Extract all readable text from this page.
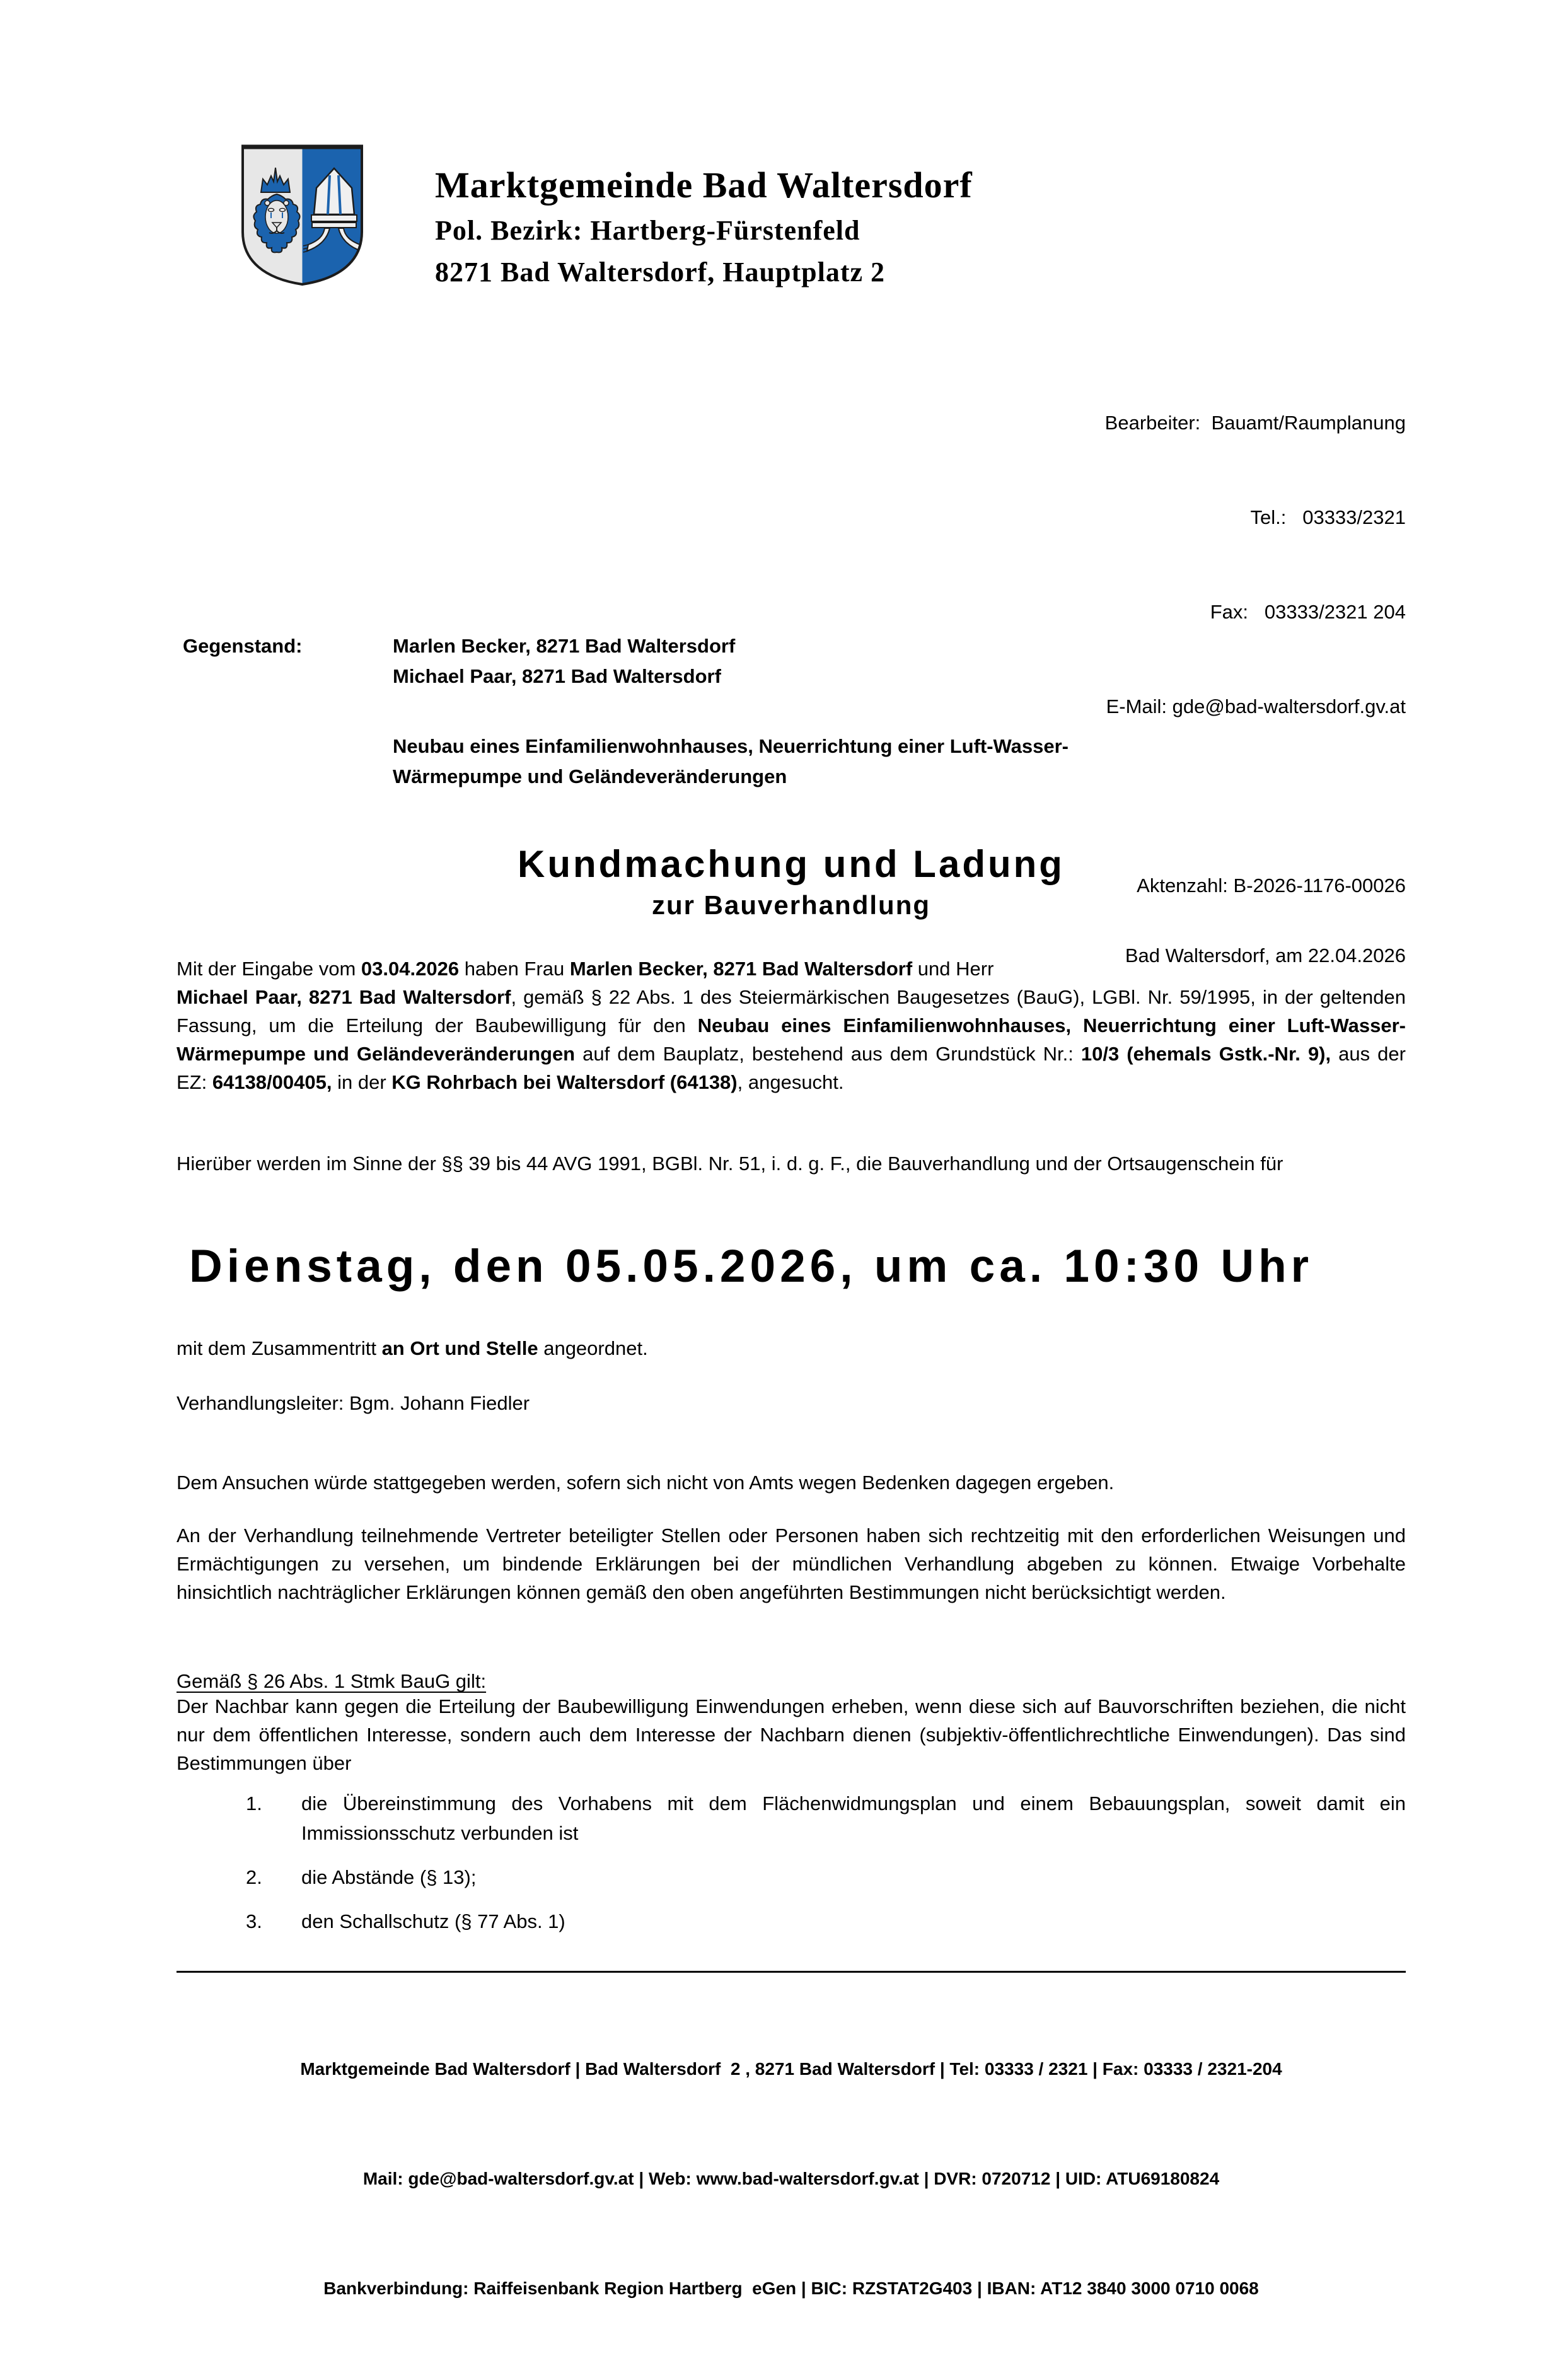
Marktgemeinde Bad Waltersdorf
Pol. Bezirk: Hartberg-Fürstenfeld
8271 Bad Waltersdorf, Hauptplatz 2

Bearbeiter:  Bauamt/Raumplanung

Tel.:   03333/2321

Fax:   03333/2321 204

E-Mail: gde@bad-waltersdorf.gv.at

Aktenzahl: B-2026-1176-00026

Bad Waltersdorf, am 22.04.2026

Gegenstand:	Marlen Becker, 8271 Bad Waltersdorf
Michael Paar, 8271 Bad Waltersdorf
Neubau eines Einfamilienwohnhauses, Neuerrichtung einer Luft-Wasser-Wärmepumpe und Geländeveränderungen
Kundmachung und Ladung
zur Bauverhandlung
Mit der Eingabe vom 03.04.2026 haben Frau Marlen Becker, 8271 Bad Waltersdorf und Herr
Michael Paar, 8271 Bad Waltersdorf, gemäß § 22 Abs. 1 des Steiermärkischen Baugesetzes (BauG), LGBl. Nr. 59/1995, in der geltenden Fassung, um die Erteilung der Baubewilligung für den Neubau eines Einfamilienwohnhauses, Neuerrichtung einer Luft-Wasser-Wärmepumpe und Geländeveränderungen auf dem Bauplatz, bestehend aus dem Grundstück Nr.: 10/3 (ehemals Gstk.-Nr. 9), aus der EZ: 64138/00405, in der KG Rohrbach bei Waltersdorf (64138), angesucht.
Hierüber werden im Sinne der §§ 39 bis 44 AVG 1991, BGBl. Nr. 51, i. d. g. F., die Bauverhandlung und der Ortsaugenschein für
Dienstag, den 05.05.2026, um ca. 10:30 Uhr
mit dem Zusammentritt an Ort und Stelle angeordnet.
Verhandlungsleiter: Bgm. Johann Fiedler
Dem Ansuchen würde stattgegeben werden, sofern sich nicht von Amts wegen Bedenken dagegen ergeben.
An der Verhandlung teilnehmende Vertreter beteiligter Stellen oder Personen haben sich rechtzeitig mit den erforderlichen Weisungen und Ermächtigungen zu versehen, um bindende Erklärungen bei der mündlichen Verhandlung abgeben zu können. Etwaige Vorbehalte hinsichtlich nachträglicher Erklärungen können gemäß den oben angeführten Bestimmungen nicht berücksichtigt werden.
Gemäß § 26 Abs. 1 Stmk BauG gilt:
Der Nachbar kann gegen die Erteilung der Baubewilligung Einwendungen erheben, wenn diese sich auf Bauvorschriften beziehen, die nicht nur dem öffentlichen Interesse, sondern auch dem Interesse der Nachbarn dienen (subjektiv-öffentlichrechtliche Einwendungen). Das sind Bestimmungen über
1.	die Übereinstimmung des Vorhabens mit dem Flächenwidmungsplan und einem Bebauungsplan, soweit damit ein Immissionsschutz verbunden ist
2.	die Abstände (§ 13);
3.	den Schallschutz (§ 77 Abs. 1)

Marktgemeinde Bad Waltersdorf | Bad Waltersdorf  2 , 8271 Bad Waltersdorf | Tel: 03333 / 2321 | Fax: 03333 / 2321-204

Mail: gde@bad-waltersdorf.gv.at | Web: www.bad-waltersdorf.gv.at | DVR: 0720712 | UID: ATU69180824

Bankverbindung: Raiffeisenbank Region Hartberg  eGen | BIC: RZSTAT2G403 | IBAN: AT12 3840 3000 0710 0068
